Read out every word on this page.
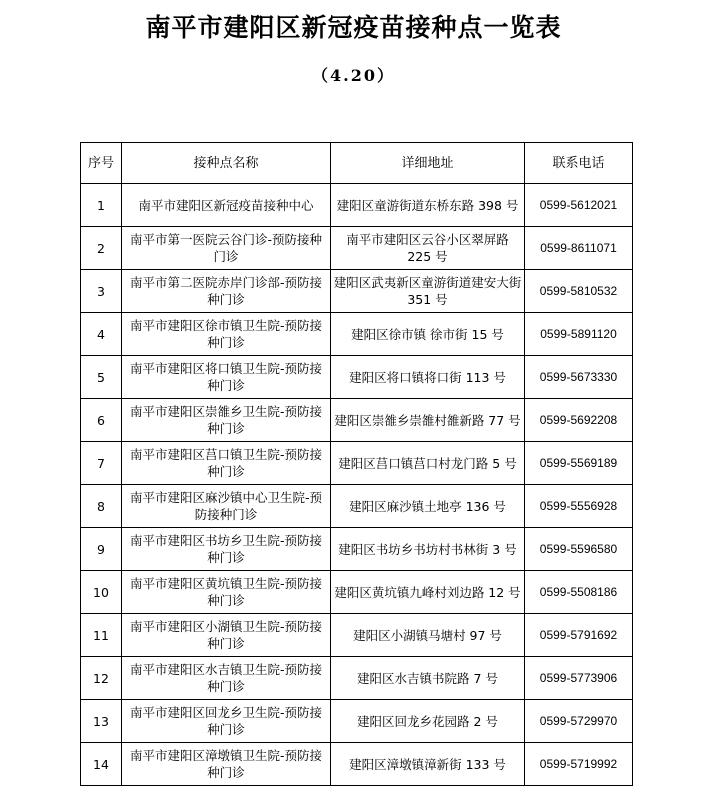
南平市建阳区新冠疫苗接种点一览表
（4.20）
序号	接种点名称	详细地址	联系电话
1	南平市建阳区新冠疫苗接种中心	建阳区童游街道东桥东路 398 号	0599-5612021
2	南平市第一医院云谷门诊-预防接种门诊	南平市建阳区云谷小区翠屏路 225 号	0599-8611071
3	南平市第二医院赤岸门诊部-预防接种门诊	建阳区武夷新区童游街道建安大街 351 号	0599-5810532
4	南平市建阳区徐市镇卫生院-预防接种门诊	建阳区徐市镇 徐市街 15 号	0599-5891120
5	南平市建阳区将口镇卫生院-预防接种门诊	建阳区将口镇将口街 113 号	0599-5673330
6	南平市建阳区崇雒乡卫生院-预防接种门诊	建阳区崇雒乡崇雒村雒新路 77 号	0599-5692208
7	南平市建阳区莒口镇卫生院-预防接种门诊	建阳区莒口镇莒口村龙门路 5 号	0599-5569189
8	南平市建阳区麻沙镇中心卫生院-预防接种门诊	建阳区麻沙镇土地亭 136 号	0599-5556928
9	南平市建阳区书坊乡卫生院-预防接种门诊	建阳区书坊乡书坊村书林街 3 号	0599-5596580
10	南平市建阳区黄坑镇卫生院-预防接种门诊	建阳区黄坑镇九峰村刘边路 12 号	0599-5508186
11	南平市建阳区小湖镇卫生院-预防接种门诊	建阳区小湖镇马塘村 97 号	0599-5791692
12	南平市建阳区水吉镇卫生院-预防接种门诊	建阳区水吉镇书院路 7 号	0599-5773906
13	南平市建阳区回龙乡卫生院-预防接种门诊	建阳区回龙乡花园路 2 号	0599-5729970
14	南平市建阳区漳墩镇卫生院-预防接种门诊	建阳区漳墩镇漳新街 133 号	0599-5719992
